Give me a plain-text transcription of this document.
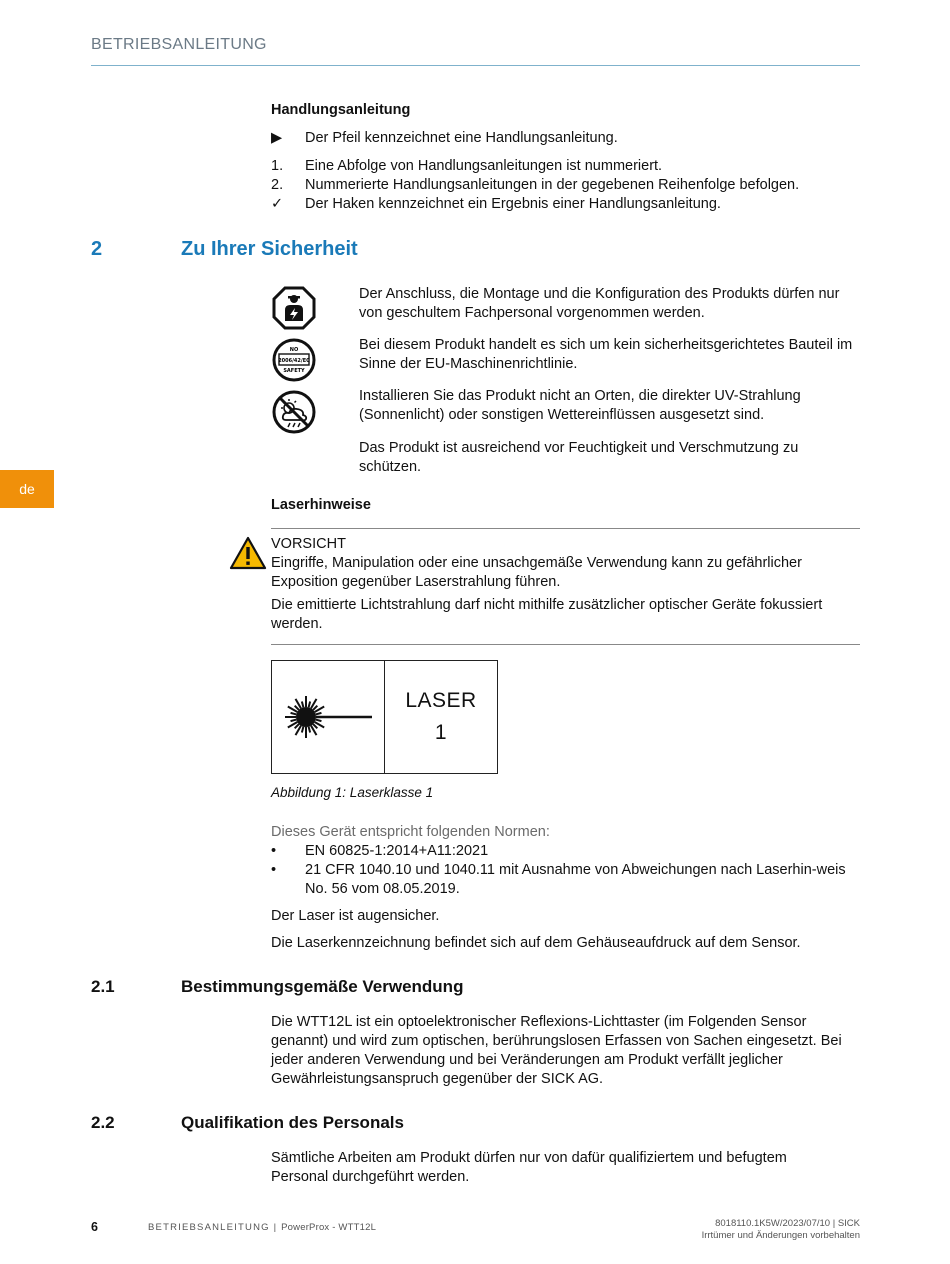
BETRIEBSANLEITUNG
Handlungsanleitung
▶	Der Pfeil kennzeichnet eine Handlungsanleitung.
1.	Eine Abfolge von Handlungsanleitungen ist nummeriert.
2.	Nummerierte Handlungsanleitungen in der gegebenen Reihenfolge befolgen.
✓	Der Haken kennzeichnet ein Ergebnis einer Handlungsanleitung.
2	Zu Ihrer Sicherheit
NO
2006/42/EC
SAFETY

Der Anschluss, die Montage und die Konfiguration des Produkts dürfen nur von geschultem Fachpersonal vorgenommen werden.

Bei diesem Produkt handelt es sich um kein sicherheitsgerichtetes Bauteil im Sinne der EU-Maschinenrichtlinie.

Installieren Sie das Produkt nicht an Orten, die direkter UV-Strahlung (Sonnenlicht) oder sonstigen Wettereinflüssen ausgesetzt sind.

Das Produkt ist ausreichend vor Feuchtigkeit und Verschmutzung zu schützen.

de
Laserhinweise
VORSICHT

Eingriffe, Manipulation oder eine unsachgemäße Verwendung kann zu gefährlicher Exposition gegenüber Laserstrahlung führen.

Die emittierte Lichtstrahlung darf nicht mithilfe zusätzlicher optischer Geräte fokussiert werden.

LASER
1
Abbildung 1: Laserklasse 1
Dieses Gerät entspricht folgenden Normen:
•	EN 60825-1:2014+A11:2021
•	21 CFR 1040.10 und 1040.11 mit Ausnahme von Abweichungen nach Laserhin-weis No. 56 vom 08.05.2019.

Der Laser ist augensicher.

Die Laserkennzeichnung befindet sich auf dem Gehäuseaufdruck auf dem Sensor.

2.1	Bestimmungsgemäße Verwendung

Die WTT12L ist ein optoelektronischer Reflexions-Lichttaster (im Folgenden Sensor genannt) und wird zum optischen, berührungslosen Erfassen von Sachen eingesetzt. Bei jeder anderen Verwendung und bei Veränderungen am Produkt verfällt jeglicher Gewährleistungsanspruch gegenüber der SICK AG.

2.2	Qualifikation des Personals

Sämtliche Arbeiten am Produkt dürfen nur von dafür qualifiziertem und befugtem Personal durchgeführt werden.

6	BETRIEBSANLEITUNG | PowerProx - WTT12L	8018110.1K5W/2023/07/10 | SICK
Irrtümer und Änderungen vorbehalten
